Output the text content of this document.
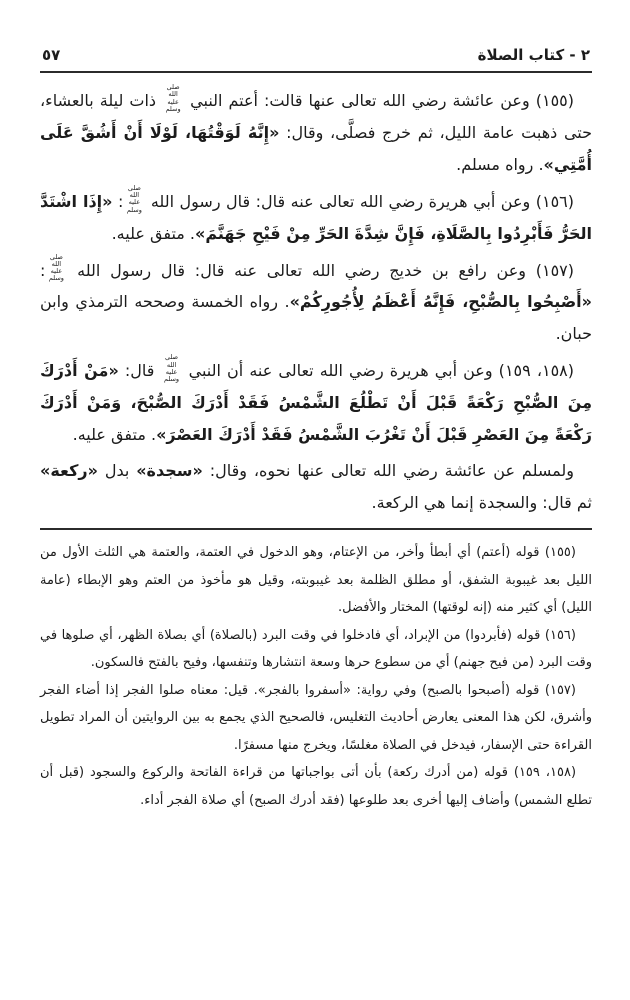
٢ - كتاب الصلاة
٥٧

(١٥٥) وعن عائشة رضي الله تعالى عنها قالت: أعتم النبي صلى الله عليه وسلم ذات ليلة بالعشاء، حتى ذهبت عامة الليل، ثم خرج فصلَّى، وقال: «إِنَّهُ لَوَقْتُهَا، لَوْلَا أَنْ أَشُقَّ عَلَى أُمَّتِي». رواه مسلم.

(١٥٦) وعن أبي هريرة رضي الله تعالى عنه قال: قال رسول الله صلى الله عليه وسلم: «إِذَا اشْتَدَّ الحَرُّ فَأَبْرِدُوا بِالصَّلَاةِ، فَإِنَّ شِدَّةَ الحَرِّ مِنْ فَيْحِ جَهَنَّمَ». متفق عليه.

(١٥٧) وعن رافع بن خديج رضي الله تعالى عنه قال: قال رسول الله صلى الله عليه وسلم: «أَصْبِحُوا بِالصُّبْحِ، فَإِنَّهُ أَعْظَمُ لِأُجُورِكُمْ». رواه الخمسة وصححه الترمذي وابن حبان.

(١٥٨، ١٥٩) وعن أبي هريرة رضي الله تعالى عنه أن النبي صلى الله عليه وسلم قال: «مَنْ أَدْرَكَ مِنَ الصُّبْحِ رَكْعَةً قَبْلَ أَنْ تَطْلُعَ الشَّمْسُ فَقَدْ أَدْرَكَ الصُّبْحَ، وَمَنْ أَدْرَكَ رَكْعَةً مِنَ العَصْرِ قَبْلَ أَنْ تَغْرُبَ الشَّمْسُ فَقَدْ أَدْرَكَ العَصْرَ». متفق عليه.

ولمسلم عن عائشة رضي الله تعالى عنها نحوه، وقال: «سجدة» بدل «ركعة» ثم قال: والسجدة إنما هي الركعة.

(١٥٥) قوله (أعتم) أي أبطأ وأخر، من الإعتام، وهو الدخول في العتمة، والعتمة هي الثلث الأول من الليل بعد غيبوبة الشفق، أو مطلق الظلمة بعد غيبوبته، وقيل هو مأخوذ من العتم وهو الإبطاء (عامة الليل) أي كثير منه (إنه لوقتها) المختار والأفضل.

(١٥٦) قوله (فأبردوا) من الإبراد، أي فادخلوا في وقت البرد (بالصلاة) أي بصلاة الظهر، أي صلوها في وقت البرد (من فيح جهنم) أي من سطوع حرها وسعة انتشارها وتنفسها، وفيح بالفتح فالسكون.

(١٥٧) قوله (أصبحوا بالصبح) وفي رواية: «أسفروا بالفجر». قيل: معناه صلوا الفجر إذا أضاء الفجر وأشرق، لكن هذا المعنى يعارض أحاديث التغليس، فالصحيح الذي يجمع به بين الروايتين أن المراد تطويل القراءة حتى الإسفار، فيدخل في الصلاة مغلسًا، ويخرج منها مسفرًا.

(١٥٨، ١٥٩) قوله (من أدرك ركعة) بأن أتى بواجباتها من قراءة الفاتحة والركوع والسجود (قبل أن تطلع الشمس) وأضاف إليها أخرى بعد طلوعها (فقد أدرك الصبح) أي صلاة الفجر أداء.
